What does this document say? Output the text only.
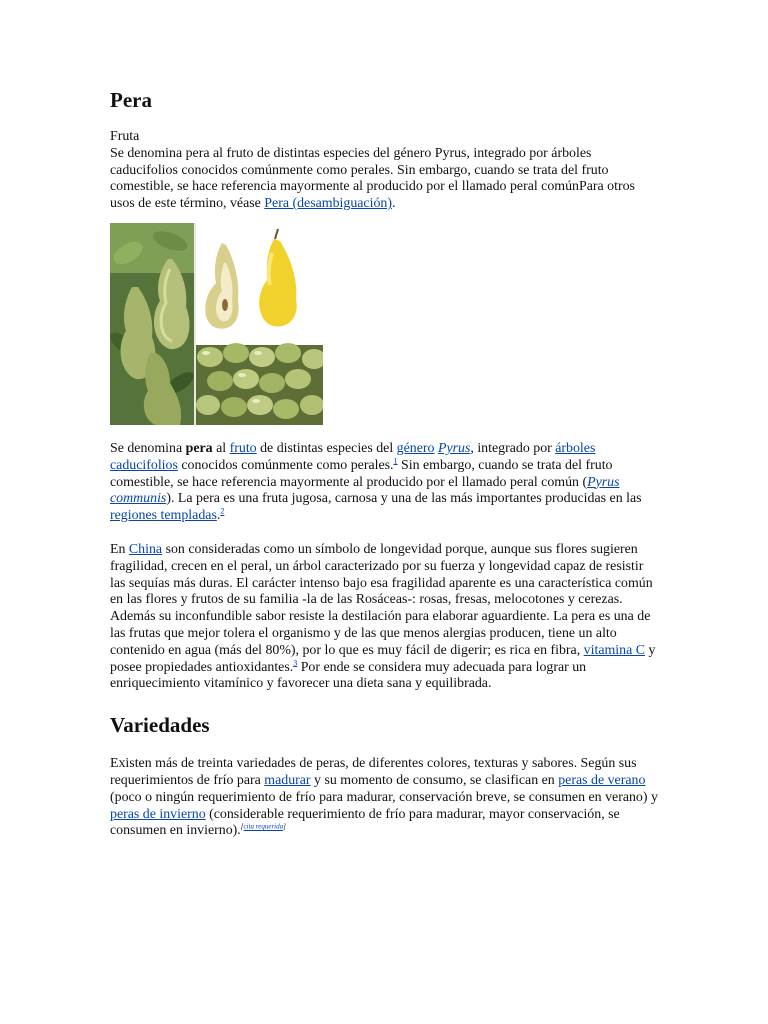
Pera
Fruta
Se denomina pera al fruto de distintas especies del género Pyrus, integrado por árboles caducifolios conocidos comúnmente como perales. Sin embargo, cuando se trata del fruto comestible, se hace referencia mayormente al producido por el llamado peral comúnPara otros usos de este término, véase Pera (desambiguación).

Se denomina pera al fruto de distintas especies del género Pyrus, integrado por árboles caducifolios conocidos comúnmente como perales.$^1$ Sin embargo, cuando se trata del fruto comestible, se hace referencia mayormente al producido por el llamado peral común (Pyrus communis). La pera es una fruta jugosa, carnosa y una de las más importantes producidas en las regiones templadas.$^2$

En China son consideradas como un símbolo de longevidad porque, aunque sus flores sugieren fragilidad, crecen en el peral, un árbol caracterizado por su fuerza y longevidad capaz de resistir las sequías más duras. El carácter intenso bajo esa fragilidad aparente es una característica común en las flores y frutos de su familia -la de las Rosáceas-: rosas, fresas, melocotones y cerezas. Además su inconfundible sabor resiste la destilación para elaborar aguardiente. La pera es una de las frutas que mejor tolera el organismo y de las que menos alergias producen, tiene un alto contenido en agua (más del 80%), por lo que es muy fácil de digerir; es rica en fibra, vitamina C y posee propiedades antioxidantes.$^3$ Por ende se considera muy adecuada para lograr un enriquecimiento vitamínico y favorecer una dieta sana y equilibrada.

Variedades

Existen más de treinta variedades de peras, de diferentes colores, texturas y sabores. Según sus requerimientos de frío para madurar y su momento de consumo, se clasifican en peras de verano (poco o ningún requerimiento de frío para madurar, conservación breve, se consumen en verano) y peras de invierno (considerable requerimiento de frío para madurar, mayor conservación, se consumen en invierno).[cita requerida]
